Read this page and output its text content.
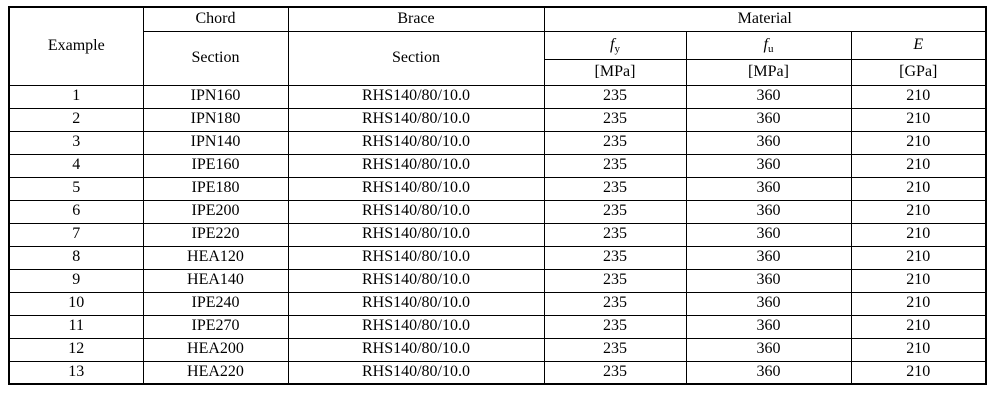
Example	Chord	Brace	Material		
	Section	Section	$f_y$	$f_u$	E
			[MPa]	[MPa]	[GPa]
1	IPN160	RHS140/80/10.0	235	360	210
2	IPN180	RHS140/80/10.0	235	360	210
3	IPN140	RHS140/80/10.0	235	360	210
4	IPE160	RHS140/80/10.0	235	360	210
5	IPE180	RHS140/80/10.0	235	360	210
6	IPE200	RHS140/80/10.0	235	360	210
7	IPE220	RHS140/80/10.0	235	360	210
8	HEA120	RHS140/80/10.0	235	360	210
9	HEA140	RHS140/80/10.0	235	360	210
10	IPE240	RHS140/80/10.0	235	360	210
11	IPE270	RHS140/80/10.0	235	360	210
12	HEA200	RHS140/80/10.0	235	360	210
13	HEA220	RHS140/80/10.0	235	360	210
